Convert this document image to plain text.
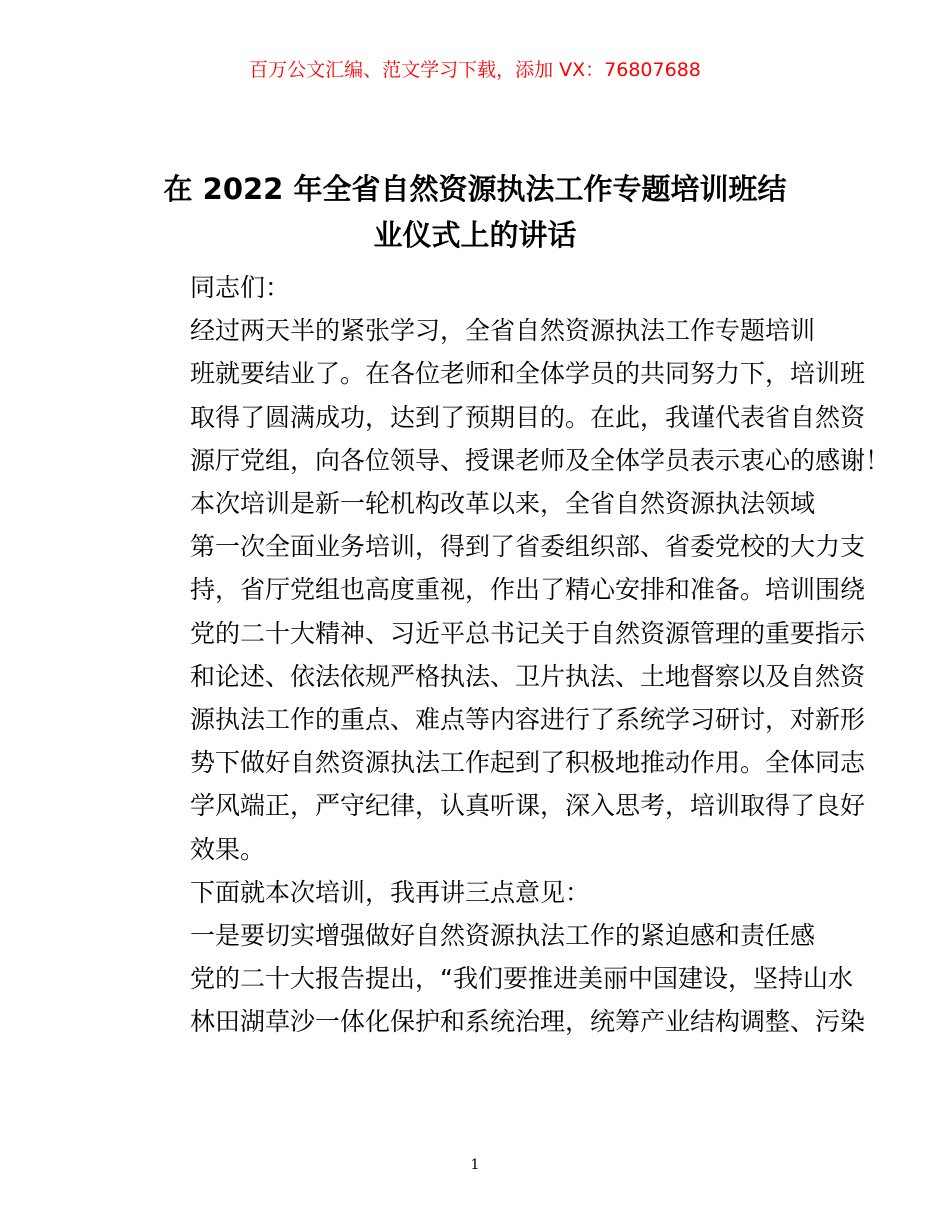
百万公文汇编、范文学习下载，添加 VX：76807688
在 2022 年全省自然资源执法工作专题培训班结
业仪式上的讲话

同志们：

经过两天半的紧张学习，全省自然资源执法工作专题培训
班就要结业了。在各位老师和全体学员的共同努力下，培训班
取得了圆满成功，达到了预期目的。在此，我谨代表省自然资
源厅党组，向各位领导、授课老师及全体学员表示衷心的感谢！

本次培训是新一轮机构改革以来，全省自然资源执法领域
第一次全面业务培训，得到了省委组织部、省委党校的大力支
持，省厅党组也高度重视，作出了精心安排和准备。培训围绕
党的二十大精神、习近平总书记关于自然资源管理的重要指示
和论述、依法依规严格执法、卫片执法、土地督察以及自然资
源执法工作的重点、难点等内容进行了系统学习研讨，对新形
势下做好自然资源执法工作起到了积极地推动作用。全体同志
学风端正，严守纪律，认真听课，深入思考，培训取得了良好
效果。

下面就本次培训，我再讲三点意见：

一是要切实增强做好自然资源执法工作的紧迫感和责任感
党的二十大报告提出，“我们要推进美丽中国建设，坚持山水
林田湖草沙一体化保护和系统治理，统筹产业结构调整、污染

1
